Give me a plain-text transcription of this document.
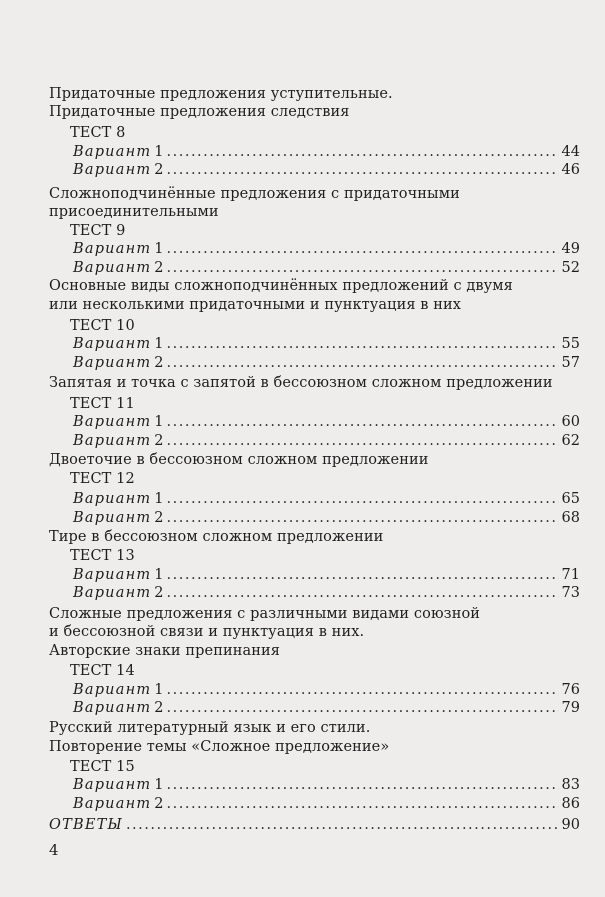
Придаточные предложения уступительные.
Придаточные предложения следствия
ТЕСТ 8
Вариант 1 .....	44
Вариант 2 .....	46
Сложноподчинённые предложения с придаточными
присоединительными
ТЕСТ 9
Вариант 1 .....	49
Вариант 2 .....	52
Основные виды сложноподчинённых предложений с двумя
или несколькими придаточными и пунктуация в них
ТЕСТ 10
Вариант 1 .....	55
Вариант 2 .....	57
Запятая и точка с запятой в бессоюзном сложном предложении
ТЕСТ 11
Вариант 1 .....	60
Вариант 2 .....	62
Двоеточие в бессоюзном сложном предложении
ТЕСТ 12
Вариант 1 .....	65
Вариант 2 .....	68
Тире в бессоюзном сложном предложении
ТЕСТ 13
Вариант 1 .....	71
Вариант 2 .....	73
Сложные предложения с различными видами союзной
и бессоюзной связи и пунктуация в них.
Авторские знаки препинания
ТЕСТ 14
Вариант 1 .....	76
Вариант 2 .....	79
Русский литературный язык и его стили.
Повторение темы «Сложное предложение»
ТЕСТ 15
Вариант 1 .....	83
Вариант 2 .....	86
ОТВЕТЫ .....	90
4
